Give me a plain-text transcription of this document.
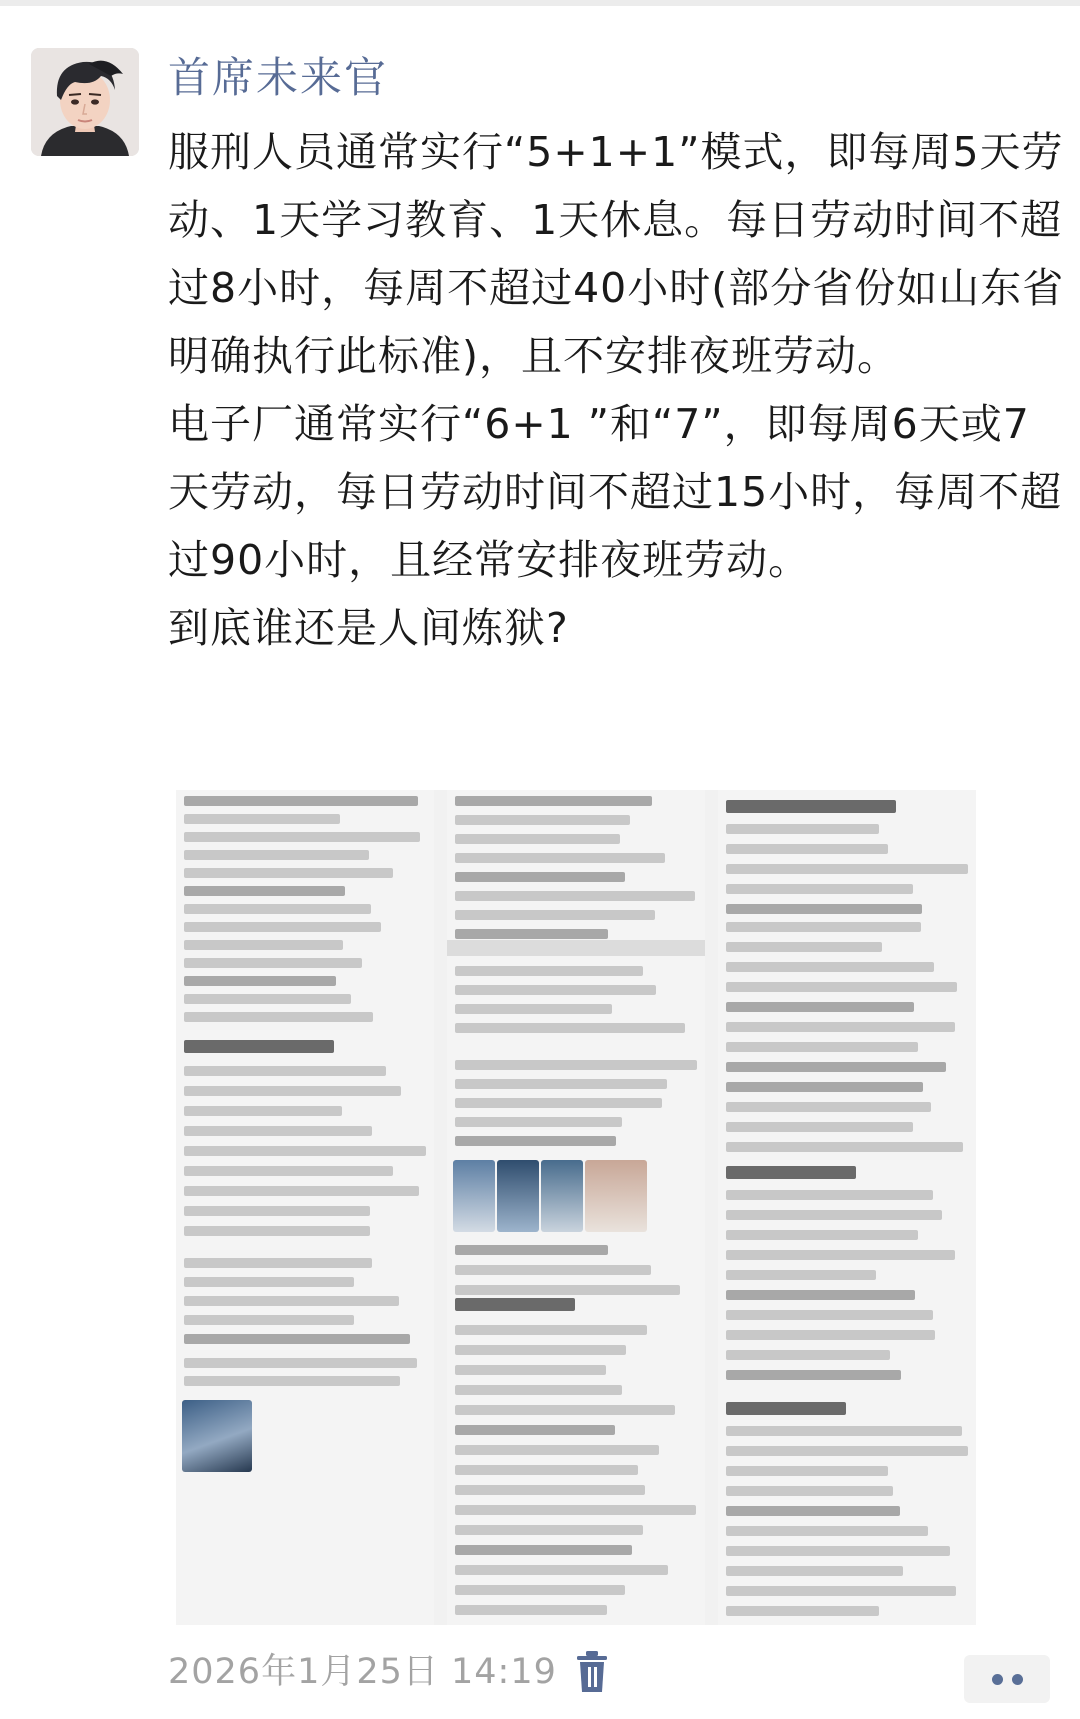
首席未来官

服刑人员通常实行“5+1+1”模式，即每周5天劳动、1天学习教育、1天休息。每日劳动时间不超过8小时，每周不超过40小时(部分省份如山东省明确执行此标准)，且不安排夜班劳动。

电子厂通常实行“6+1 ”和“7”，即每周6天或7天劳动，每日劳动时间不超过15小时，每周不超过90小时，且经常安排夜班劳动。

到底谁还是人间炼狱?

2026年1月25日 14:19
